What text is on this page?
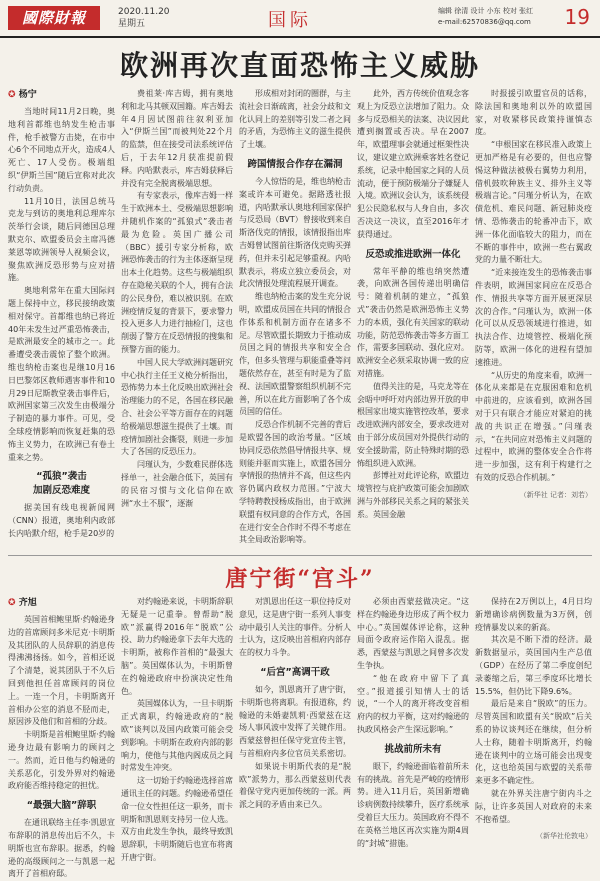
國際財報	2020.11.20
星期五	国际	编辑 徐清 设计 小东 校对 张红
e-mail:6257083​6@qq.com	19
欧洲再次直面恐怖主义威胁
✪ 杨宁

当地时间11月2日晚，奥地利首都维也纳发生枪击事件，枪手被警方击毙，在市中心6个不同地点开火，造成4人死亡、17人受伤。极端组织“伊斯兰国”随后宣称对此次行动负责。

11月10日，法国总统马克龙与到访的奥地利总理库尔茨举行会谈，随后同德国总理默克尔、欧盟委员会主席冯德莱恩等欧洲领导人视频会议，聚焦欧洲反恐形势与应对措施。

奥地利常年在重大国际问题上保持中立，移民接纳政策相对保守。首都维也纳已将近40年未发生过严重恐怖袭击，是欧洲最安全的城市之一。此番遭受袭击震惊了整个欧洲。维也纳枪击案也是继10月16日巴黎郊区教师遇害事件和10月29日尼斯教堂袭击事件后，欧洲国家第三次发生由极端分子制造的暴力事件。可见，受全球疫情影响而恢复赶集的恐怖主义势力，在欧洲已有卷土重来之势。

“孤狼”袭击
加剧反恐难度

据美国有线电视新闻网（CNN）报道，奥地利内政部长内哈默介绍，枪手是20岁的

费祖莱·库吉姆，拥有奥地利和北马其顿双国籍。库吉姆去年4月因试图前往叙利亚加入“伊斯兰国”而被判处22个月的监禁，但在接受司法系统评估后，于去年12月获准提前假释。内哈默表示，库吉姆获释后并没有完全脱离极端思想。

有专家表示，像库吉姆一样生于欧洲本土、受极端思想影响并随机作案的“孤狼式”袭击者最为危险。英国广播公司（BBC）援引专家分析称，欧洲恐怖袭击的行为主体逐渐呈现出本土化趋势。这些与极端组织存在隐秘关联的个人，拥有合法的公民身份，难以被识别。在欧洲疫情反复的背景下，要求警力投入更多人力进行抽检门，这也削弱了警方在反恐情报的搜集和预警方面的能力。

中国人民大学欧洲问题研究中心执行主任王义桅分析指出，恐怖势力本土化反映出欧洲社会治理能力的不足，各国在移民融合、社会公平等方面存在的问题给极端思想滋生提供了土壤。而疫情加剧社会撕裂，则进一步加大了各国的反恐压力。

闫瑾认为，少数难民群体选择单一，社会融合低下，英国有的民宿习惯与文化信仰在欧洲“水土不服”，逐渐

形成相对封闭的圈群，与主流社会日渐疏离，社会分歧和文化认同上的差别等引发二者之间的矛盾，为恐怖主义的滋生提供了土壤。

跨国情报合作存在漏洞

今人惊悟的是，维也纳枪击案或许本可避免。据路透社报道，内哈默承认奥地利国家保护与反恐局（BVT）曾接收到来自斯洛伐克的情报，该情报指出库吉姆曾试图前往斯洛伐克购买弹药，但并未引起足够重视。内哈默表示，将成立独立委员会，对此次情报处理流程展开调查。

维也纳枪击案的发生充分说明，欧盟成员国在共同的情报合作体系和机制方面存在诸多不足。尽管欧盟长期致力于推动成员国之间的情报共享和安全合作，但多头管理与职能重叠等问题依然存在，甚至有时是为了监视、法国欧盟警察组织机制不完善，所以在此方面影响了各个成员国的信任。

反恐合作机制不完善的背后是欧盟各国的政治考量。“区域协同反恐依然倡导情报共享、规则能并驱而实施上，欧盟各国分享情报的热情并不高，但这些内容仍属内政权力范围。”宁波大学特聘教授杨成指出，由于欧洲联盟有权同意的合作方式，各国在进行安全合作时不得不考虑在其全局政治影响等。

此外，西方传统价值观念客观上为反恐立法增加了阻力。众多与反恐相关的法案、决议因此遭到搁置或否决。早在2007年，欧盟理事会就通过框架性决议，建议建立欧洲乘客姓名登记系统，记录中舱国家之间的人员流动，便于预防极端分子嫌疑人入境。欧洲议会认为，该系统侵犯公民隐私权与人身自由，多次否决这一决议，直至2016年才获得通过。

反恐或推进欧洲一体化

常年平静的维也纳突然遭袭，向欧洲各国传递出明确信号：随着机制的建立，“孤狼式”袭击仍然是欧洲恐怖主义势力的本质，强化有关国家的联动功能，防范恐怖袭击等多方面工作，需要多国联动、强化应对。欧洲安全必须采取协调一致的应对措施。

值得关注的是，马克龙等在会晤中呼吁对内部边界开放的申根国家出境实施管控改革，要求改进欧洲内部安全，要求改进对由于部分成员国对外提供行动的安全援助需，防止特殊时期的恐怖组织进入欧洲。

彭博社对此评论称，欧盟边境管控与庇护政策可能会加剧欧洲与外部移民关系之间的紧张关系。英国金融

时报援引欧盟官员的话称，除法国和奥地利以外的欧盟国家，对收紧移民政策持谨慎态度。

“申根国家在移民准入政策上更加严格是有必要的，但也应警惕这种做法被极右翼势力利用，借机鼓吹种族主义、排外主义等极端言论。”闫瑾分析认为，在欧债危机、难民问题、新冠肺炎疫情、恐怖袭击的轮番冲击下，欧洲一体化面临较大的阻力，而在不断的事件中，欧洲一些右翼政党的力量不断壮大。

“近来接连发生的恐怖袭击事件表明，欧洲国家间应在反恐合作、情报共享等方面开展更深层次的合作。”闫瑾认为，欧洲一体化可以从反恐领域进行推进，如执法合作、边境管控、极端化预防等，欧洲一体化的进程有望加速推进。

“从历史的角度来看，欧洲一体化从来都是在克服困难和危机中前进的，应该看到，欧洲各国对于只有联合才能应对紧迫的挑战的共识正在增强。”闫瑾表示，“在共同应对恐怖主义问题的过程中，欧洲的整体安全合作将进一步加强，这有利于构建行之有效的反恐合作机制。”

（新华社 记者：刘若）
唐宁街“宫斗”
✪ 齐旭

英国首相鲍里斯·约翰逊身边的首席顾问多米尼克·卡明斯及其团队的人员辞职的消息传得沸沸扬扬。如今，首相还说了个清楚，说其团队于不久后回到他担任首席顾问的岗位上。一连一个月，卡明斯离开首相办公室的消息不胫而走，原因涉及他们和首相的分歧。

卡明斯是首相鲍里斯·约翰逊身边最有影响力的顾问之一。然而，近日他与约翰逊的关系恶化，引发外界对约翰逊政府能否维持稳定的担忧。

“最强大脑”辞职

在通讯联络主任李·凯恩宣布辞职的消息传出后不久，卡明斯也宣布辞职。据悉，约翰逊的高级顾问之一与凯恩一起离开了首相府邸。

对约翰逊来说，卡明斯辞职无疑是一记重拳。曾帮助“脱欧”派赢得2016年“脱欧”公投、助力约翰逊拿下去年大选的卡明斯，被称作首相的“最强大脑”。英国媒体认为，卡明斯曾在约翰逊政府中扮演决定性角色。

英国媒体认为，一旦卡明斯正式离职，约翰逊政府的“脱欧”谈判以及国内政策可能会受到影响。卡明斯在政府内部的影响力，使他与其他内阁成员之间时常发生冲突。

这一切始于约翰逊选择首席通讯主任的问题。约翰逊希望任命一位女性担任这一职务，而卡明斯和凯恩则支持另一位人选。双方由此发生争执，最终导致凯恩辞职，卡明斯随后也宣布将离开唐宁街。

对凯恩出任这一职位持反对意见，这是唐宁街一系列人事变动中最引人关注的事件。分析人士认为，这反映出首相府内部存在的权力斗争。

“后宫”高调干政

如今，凯恩离开了唐宁街，卡明斯也将离职。有报道称，约翰逊的未婚妻凯莉·西蒙兹在这场人事风波中发挥了关键作用。西蒙兹曾担任保守党宣传主管，与首相府内多位官员关系密切。

如果说卡明斯代表的是“脱欧”派势力，那么西蒙兹则代表着保守党内更加传统的一派。两派之间的矛盾由来已久。

必须由西蒙兹做决定。“这样在约翰逊身边形成了两个权力中心。”英国媒体评论称，这种局面令政府运作陷入混乱。据悉，西蒙兹与凯恩之间曾多次发生争执。

“他在政府中留下了真空。”报道援引知情人士的话说，“一个人的离开将改变首相府内的权力平衡，这对约翰逊的执政风格会产生深远影响。”

挑战前所未有

眼下，约翰逊面临着前所未有的挑战。首先是严峻的疫情形势。进入11月后，英国新增确诊病例数持续攀升，医疗系统承受着巨大压力。英国政府不得不在英格兰地区再次实施为期4周的“封城”措施。

保持在2万例以上，4月日均新增确诊病例数量为3万例，创疫情暴发以来的新高。

其次是不断下滑的经济。最新数据显示，英国国内生产总值（GDP）在经历了第二季度创纪录萎缩之后，第三季度环比增长15.5%，但仍比下降9.6%。

最后是来自“脱欧”的压力。尽管英国和欧盟有关“脱欧”后关系的协议谈判还在继续，但分析人士称，随着卡明斯离开，约翰逊在谈判中的立场可能会出现变化，这也给英国与欧盟的关系带来更多不确定性。

就在外界关注唐宁街内斗之际，让许多英国人对政府的未来不抱希望。

（新华社伦敦电）
